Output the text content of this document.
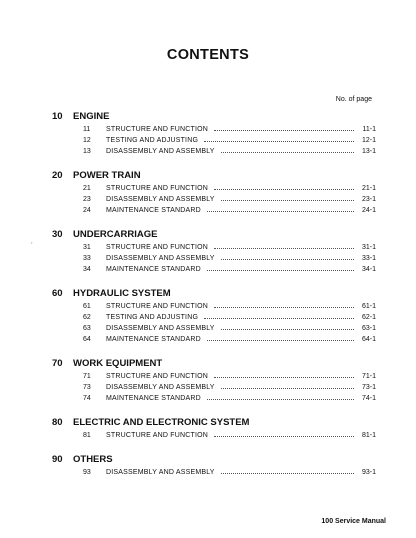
CONTENTS
No. of page
,
10	ENGINE
11	STRUCTURE AND FUNCTION	11-1
12	TESTING AND ADJUSTING	12-1
13	DISASSEMBLY AND ASSEMBLY	13-1
20	POWER TRAIN
21	STRUCTURE AND FUNCTION	21-1
23	DISASSEMBLY AND ASSEMBLY	23-1
24	MAINTENANCE STANDARD	24-1
30	UNDERCARRIAGE
31	STRUCTURE AND FUNCTION	31-1
33	DISASSEMBLY AND ASSEMBLY	33-1
34	MAINTENANCE STANDARD	34-1
60	HYDRAULIC SYSTEM
61	STRUCTURE AND FUNCTION	61-1
62	TESTING AND ADJUSTING	62-1
63	DISASSEMBLY AND ASSEMBLY	63-1
64	MAINTENANCE STANDARD	64-1
70	WORK EQUIPMENT
71	STRUCTURE AND FUNCTION	71-1
73	DISASSEMBLY AND ASSEMBLY	73-1
74	MAINTENANCE STANDARD	74-1
80	ELECTRIC AND ELECTRONIC SYSTEM
81	STRUCTURE AND FUNCTION	81-1
90	OTHERS
93	DISASSEMBLY AND ASSEMBLY	93-1
100 Service Manual
